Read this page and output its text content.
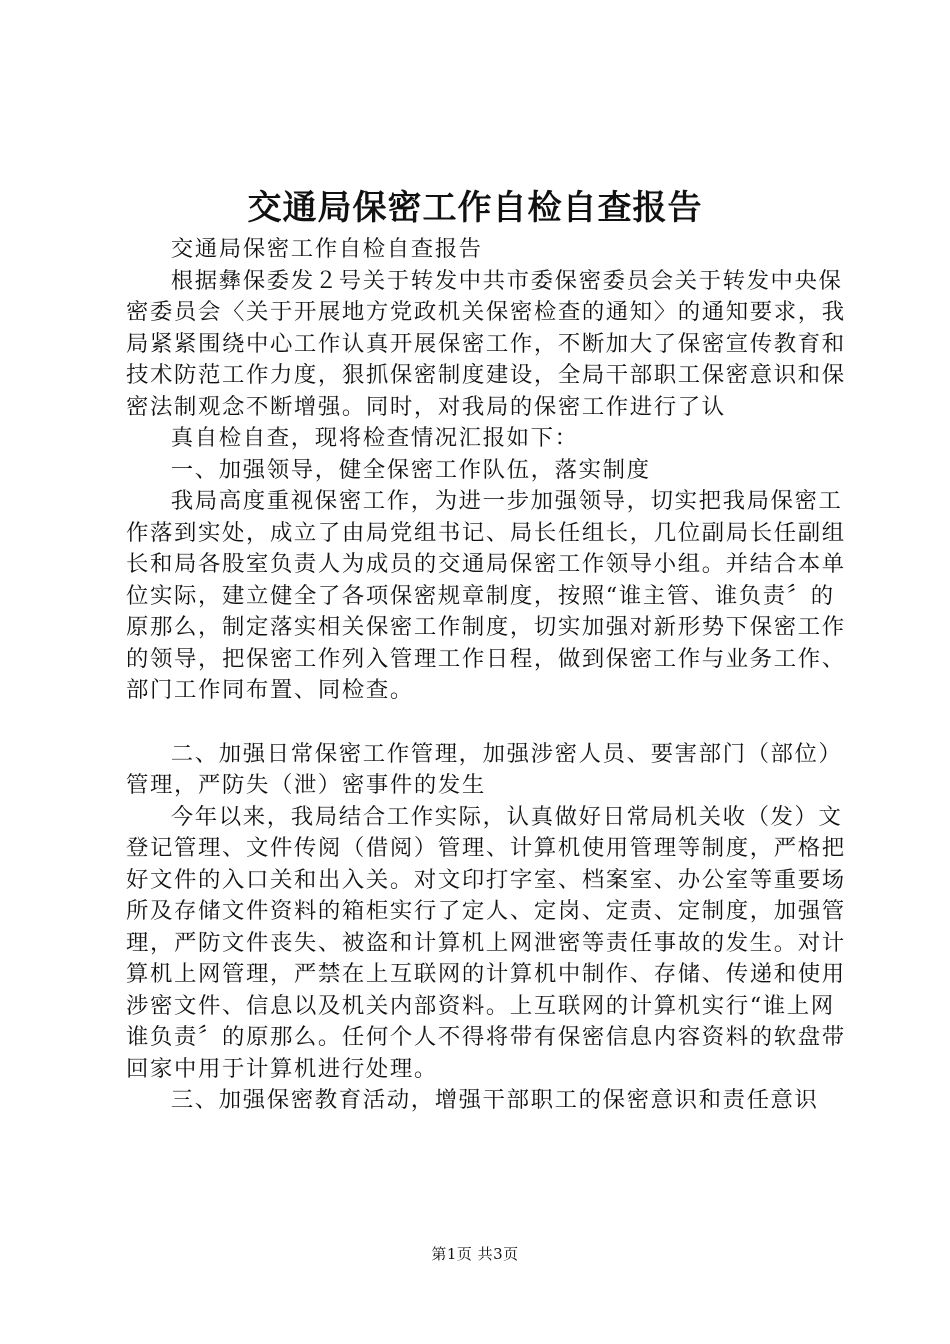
交通局保密工作自检自查报告

交通局保密工作自检自查报告

根据彝保委发２号关于转发中共市委保密委员会关于转发中央保密委员会〈关于开展地方党政机关保密检查的通知〉的通知要求，我局紧紧围绕中心工作认真开展保密工作，不断加大了保密宣传教育和技术防范工作力度，狠抓保密制度建设，全局干部职工保密意识和保密法制观念不断增强。同时，对我局的保密工作进行了认

真自检自查，现将检查情况汇报如下：

一、加强领导，健全保密工作队伍，落实制度

我局高度重视保密工作，为进一步加强领导，切实把我局保密工作落到实处，成立了由局党组书记、局长任组长，几位副局长任副组长和局各股室负责人为成员的交通局保密工作领导小组。并结合本单位实际，建立健全了各项保密规章制度，按照“谁主管、谁负责〞的原那么，制定落实相关保密工作制度，切实加强对新形势下保密工作的领导，把保密工作列入管理工作日程，做到保密工作与业务工作、部门工作同布置、同检查。

二、加强日常保密工作管理，加强涉密人员、要害部门（部位）管理，严防失（泄）密事件的发生

今年以来，我局结合工作实际，认真做好日常局机关收（发）文登记管理、文件传阅（借阅）管理、计算机使用管理等制度，严格把好文件的入口关和出入关。对文印打字室、档案室、办公室等重要场所及存储文件资料的箱柜实行了定人、定岗、定责、定制度，加强管理，严防文件丧失、被盗和计算机上网泄密等责任事故的发生。对计算机上网管理，严禁在上互联网的计算机中制作、存储、传递和使用涉密文件、信息以及机关内部资料。上互联网的计算机实行“谁上网谁负责〞的原那么。任何个人不得将带有保密信息内容资料的软盘带回家中用于计算机进行处理。

三、加强保密教育活动，增强干部职工的保密意识和责任意识

第1页 共3页
